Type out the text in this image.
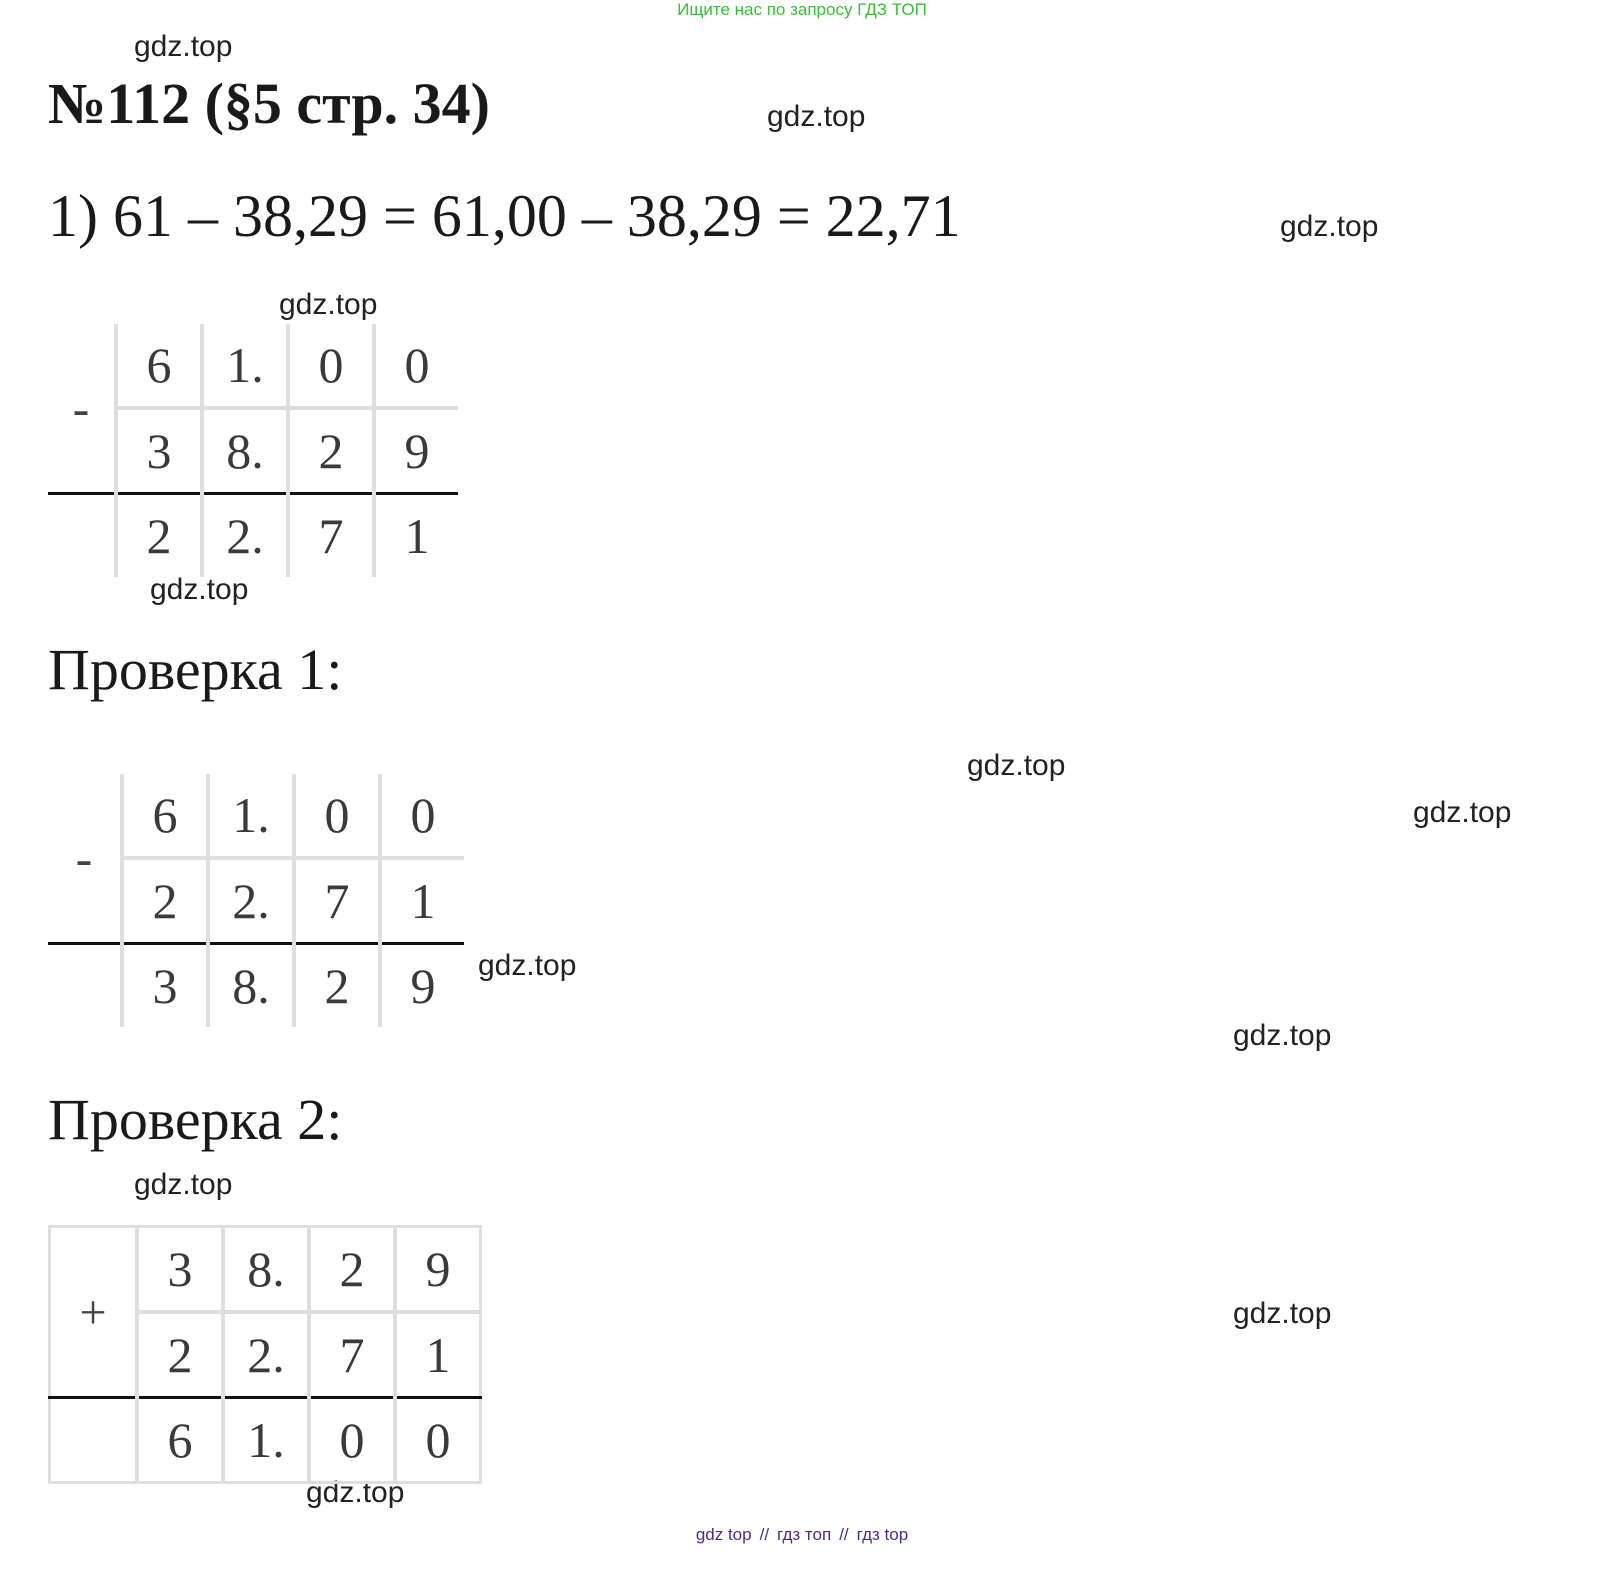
Ищите нас по запросу ГДЗ ТОП
gdz.top
gdz.top
gdz.top
gdz.top
gdz.top
gdz.top
gdz.top
gdz.top
gdz.top
gdz.top
gdz.top
gdz.top
№112 (§5 стр. 34)
1) 61 – 38,29 = 61,00 – 38,29 = 22,71
-	6	1.	0	0
	3	8.	2	9
	2	2.	7	1
Проверка 1:
-	6	1.	0	0
	2	2.	7	1
	3	8.	2	9
Проверка 2:
+	3	8.	2	9
	2	2.	7	1
	6	1.	0	0
gdz top // гдз топ // гдз top
